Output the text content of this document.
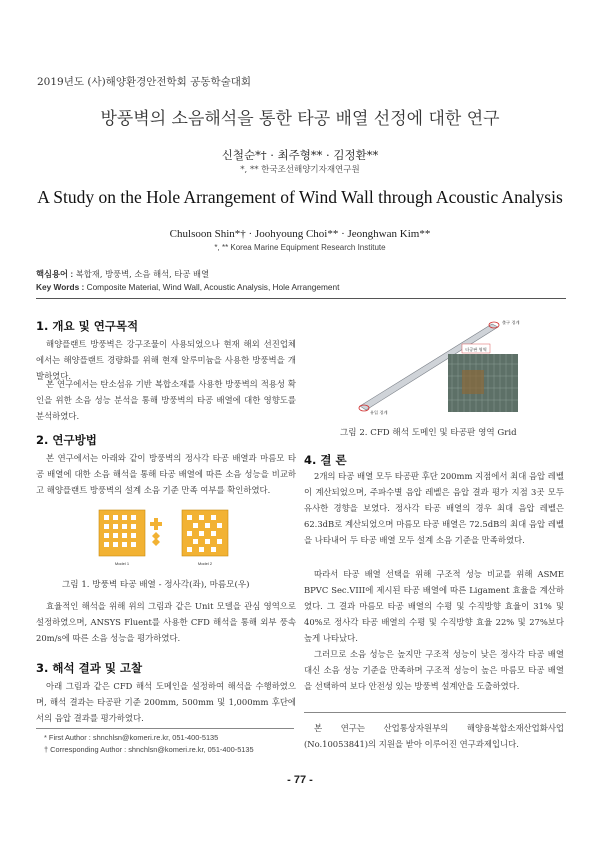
2019년도 (사)해양환경안전학회 공동학술대회
방풍벽의 소음해석을 통한 타공 배열 선정에 대한 연구
신철순*† · 최주형** · 김정환**
*, ** 한국조선해양기자재연구원
A Study on the Hole Arrangement of Wind Wall through Acoustic Analysis
Chulsoon Shin*† · Joohyoung Choi** · Jeonghwan Kim**
*, ** Korea Marine Equipment Research Institute
핵심용어 : 복합재, 방풍벽, 소음 해석, 타공 배열
Key Words : Composite Material, Wind Wall, Acoustic Analysis, Hole Arrangement
1. 개요 및 연구목적
해양플랜트 방풍벽은 강구조물이 사용되었으나 현재 해외 선진업체에서는 해양플랜트 경량화를 위해 현재 알루미늄을 사용한 방풍벽을 개발하였다.
본 연구에서는 탄소섬유 기반 복합소재를 사용한 방풍벽의 적용성 확인을 위한 소음 성능 분석을 통해 방풍벽의 타공 배열에 대한 영향도를 분석하였다.
2. 연구방법
본 연구에서는 아래와 같이 방풍벽의 정사각 타공 배열과 마름모 타공 배열에 대한 소음 해석을 통해 타공 배열에 따른 소음 성능을 비교하고 해양플랜트 방풍벽의 설계 소음 기준 만족 여부를 확인하였다.
Model 1	Model 2
그림 1. 방풍벽 타공 배열 - 정사각(좌), 마름모(우)
효율적인 해석을 위해 위의 그림과 같은 Unit 모델을 관심 영역으로 설정하였으며, ANSYS Fluent를 사용한 CFD 해석을 통해 외부 풍속 20m/s에 따른 소음 성능을 평가하였다.
3. 해석 결과 및 고찰
아래 그림과 같은 CFD 해석 도메인을 설정하여 해석을 수행하였으며, 해석 결과는 타공판 기준 200mm, 500mm 및 1,000mm 후단에서의 음압 결과를 평가하였다.
* First Author : shnchlsn@komeri.re.kr, 051-400-5135
† Corresponding Author : shnchlsn@komeri.re.kr, 051-400-5135
타공판 영역
출구 경계
유입 경계
그림 2. CFD 해석 도메인 및 타공판 영역 Grid
4. 결 론
2개의 타공 배열 모두 타공판 후단 200mm 지점에서 최대 음압 레벨이 계산되었으며, 주파수별 음압 레벨은 음압 결과 평가 지점 3곳 모두 유사한 경향을 보였다. 정사각 타공 배열의 경우 최대 음압 레벨은 62.3dB로 계산되었으며 마름모 타공 배열은 72.5dB의 최대 음압 레벨을 나타내어 두 타공 배열 모두 설계 소음 기준을 만족하였다.
따라서 타공 배열 선택을 위해 구조적 성능 비교를 위해 ASME BPVC Sec.VIII에 제시된 타공 배열에 따른 Ligament 효율을 계산하였다. 그 결과 마름모 타공 배열의 수평 및 수직방향 효율이 31% 및 40%로 정사각 타공 배열의 수평 및 수직방향 효율 22% 및 27%보다 높게 나타났다.
그러므로 소음 성능은 높지만 구조적 성능이 낮은 정사각 타공 배열 대신 소음 성능 기준을 만족하며 구조적 성능이 높은 마름모 타공 배열을 선택하여 보다 안전성 있는 방풍벽 설계안을 도출하였다.
본 연구는 산업통상자원부의 해양융복합소재산업화사업(No.10053841)의 지원을 받아 이루어진 연구과제입니다.
- 77 -
